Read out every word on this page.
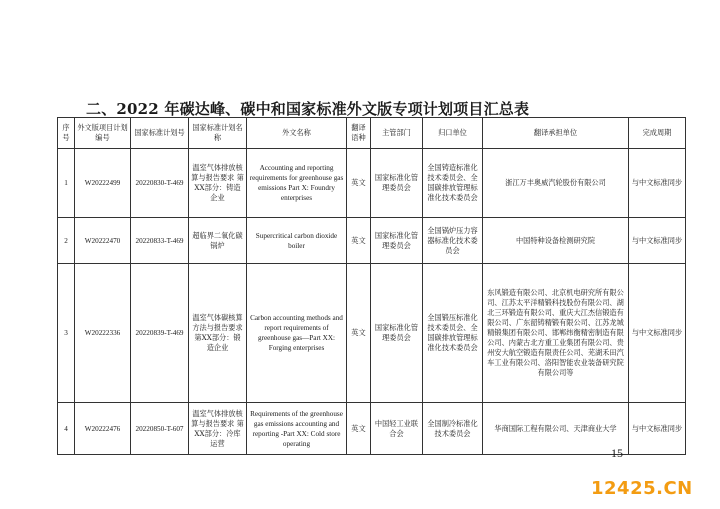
二、2022 年碳达峰、碳中和国家标准外文版专项计划项目汇总表
序号	外文版项目计划编号	国家标准计划号	国家标准计划名称	外文名称	翻译语种	主管部门	归口单位	翻译承担单位	完成周期
1	W20222499	20220830-T-469	温室气体排放核算与报告要求 第XX部分：铸造企业	Accounting and reporting requirements for greenhouse gas emissions Part X: Foundry enterprises	英文	国家标准化管理委员会	全国铸造标准化技术委员会、全国碳排放管理标准化技术委员会	浙江万丰奥威汽轮股份有限公司	与中文标准同步
2	W20222470	20220833-T-469	超临界二氧化碳锅炉	Supercritical carbon dioxide boiler	英文	国家标准化管理委员会	全国锅炉压力容器标准化技术委员会	中国特种设备检测研究院	与中文标准同步
3	W20222336	20220839-T-469	温室气体碳核算方法与报告要求 第XX部分：锻造企业	Carbon accounting methods and report requirements of greenhouse gas—Part XX: Forging enterprises	英文	国家标准化管理委员会	全国锻压标准化技术委员会、全国碳排放管理标准化技术委员会	东风锻造有限公司、北京机电研究所有限公司、江苏太平洋精锻科技股份有限公司、湖北三环锻造有限公司、重庆大江杰信锻造有限公司、广东韶铸精锻有限公司、江苏龙城精锻集团有限公司、邯郸纬衡精密制造有限公司、内蒙古北方重工业集团有限公司、贵州安大航空锻造有限责任公司、芜湖禾田汽车工业有限公司、洛阳智能农业装备研究院有限公司等	与中文标准同步
4	W20222476	20220850-T-607	温室气体排放核算与报告要求 第XX部分：冷库运营	Requirements of the greenhouse gas emissions accounting and reporting -Part XX: Cold store operating	英文	中国轻工业联合会	全国制冷标准化技术委员会	华商国际工程有限公司、天津商业大学	与中文标准同步
15
12425.CN
